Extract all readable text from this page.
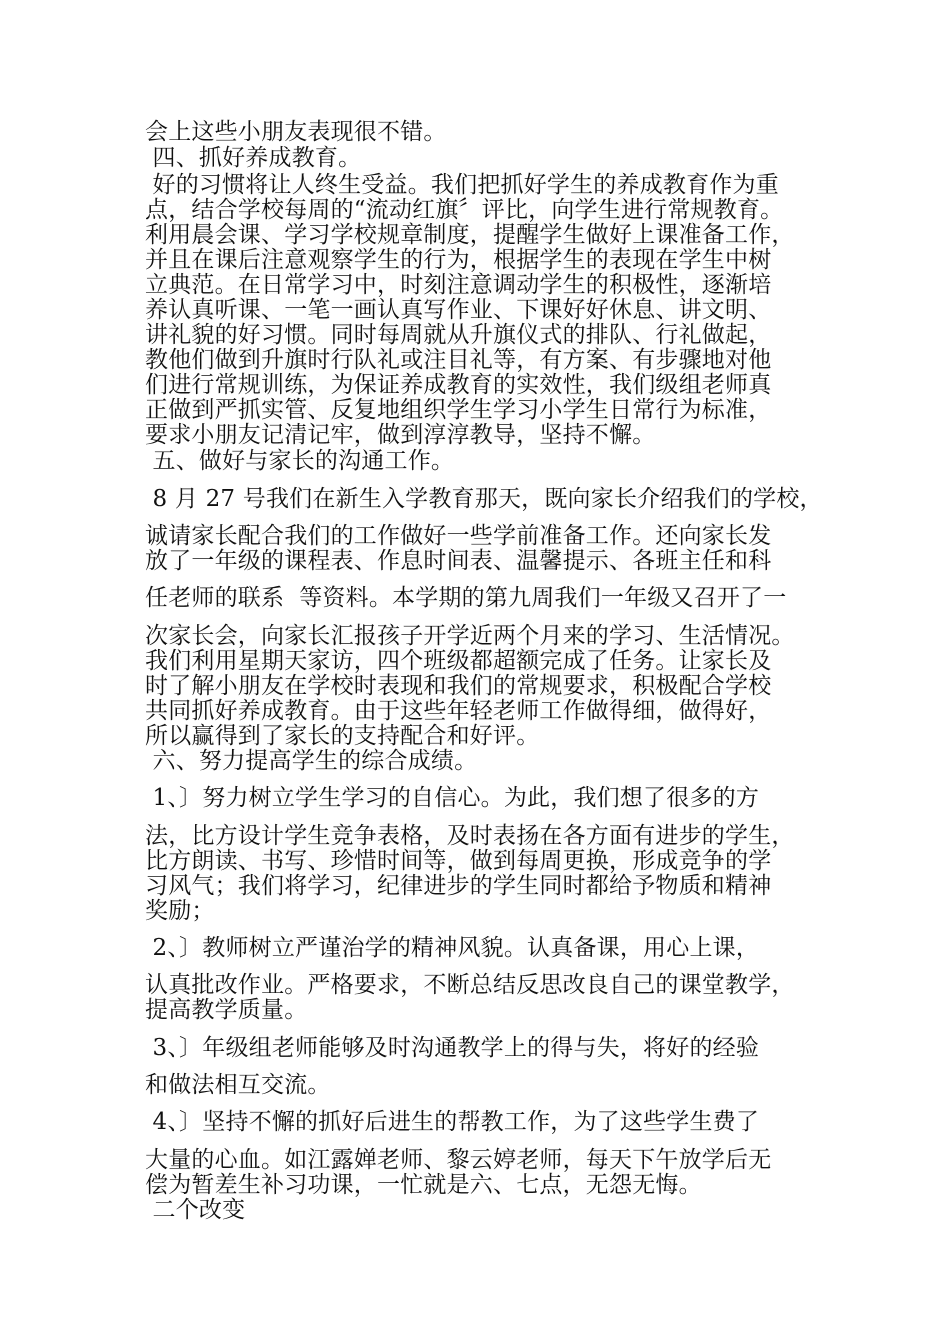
会上这些小朋友表现很不错。
四、抓好养成教育。
好的习惯将让人终生受益。我们把抓好学生的养成教育作为重
点，结合学校每周的“流动红旗〞评比，向学生进行常规教育。
利用晨会课、学习学校规章制度，提醒学生做好上课准备工作，
并且在课后注意观察学生的行为，根据学生的表现在学生中树
立典范。在日常学习中，时刻注意调动学生的积极性，逐渐培
养认真听课、一笔一画认真写作业、下课好好休息、讲文明、
讲礼貌的好习惯。同时每周就从升旗仪式的排队、行礼做起，
教他们做到升旗时行队礼或注目礼等，有方案、有步骤地对他
们进行常规训练，为保证养成教育的实效性，我们级组老师真
正做到严抓实管、反复地组织学生学习小学生日常行为标准，
要求小朋友记清记牢，做到淳淳教导，坚持不懈。
五、做好与家长的沟通工作。
8 月 27 号我们在新生入学教育那天，既向家长介绍我们的学校，
诚请家长配合我们的工作做好一些学前准备工作。还向家长发
放了一年级的课程表、作息时间表、温馨提示、各班主任和科
任老师的联系  等资料。本学期的第九周我们一年级又召开了一
次家长会，向家长汇报孩子开学近两个月来的学习、生活情况。
我们利用星期天家访，四个班级都超额完成了任务。让家长及
时了解小朋友在学校时表现和我们的常规要求，积极配合学校
共同抓好养成教育。由于这些年轻老师工作做得细，做得好，
所以赢得到了家长的支持配合和好评。
六、努力提高学生的综合成绩。
1、〕努力树立学生学习的自信心。为此，我们想了很多的方
法，比方设计学生竞争表格，及时表扬在各方面有进步的学生，
比方朗读、书写、珍惜时间等，做到每周更换，形成竞争的学
习风气；我们将学习，纪律进步的学生同时都给予物质和精神
奖励；
2、〕教师树立严谨治学的精神风貌。认真备课，用心上课，
认真批改作业。严格要求，不断总结反思改良自己的课堂教学，
提高教学质量。
3、〕年级组老师能够及时沟通教学上的得与失，将好的经验
和做法相互交流。
4、〕坚持不懈的抓好后进生的帮教工作，为了这些学生费了
大量的心血。如江露婵老师、黎云婷老师，每天下午放学后无
偿为暂差生补习功课，一忙就是六、七点，无怨无悔。
二个改变
